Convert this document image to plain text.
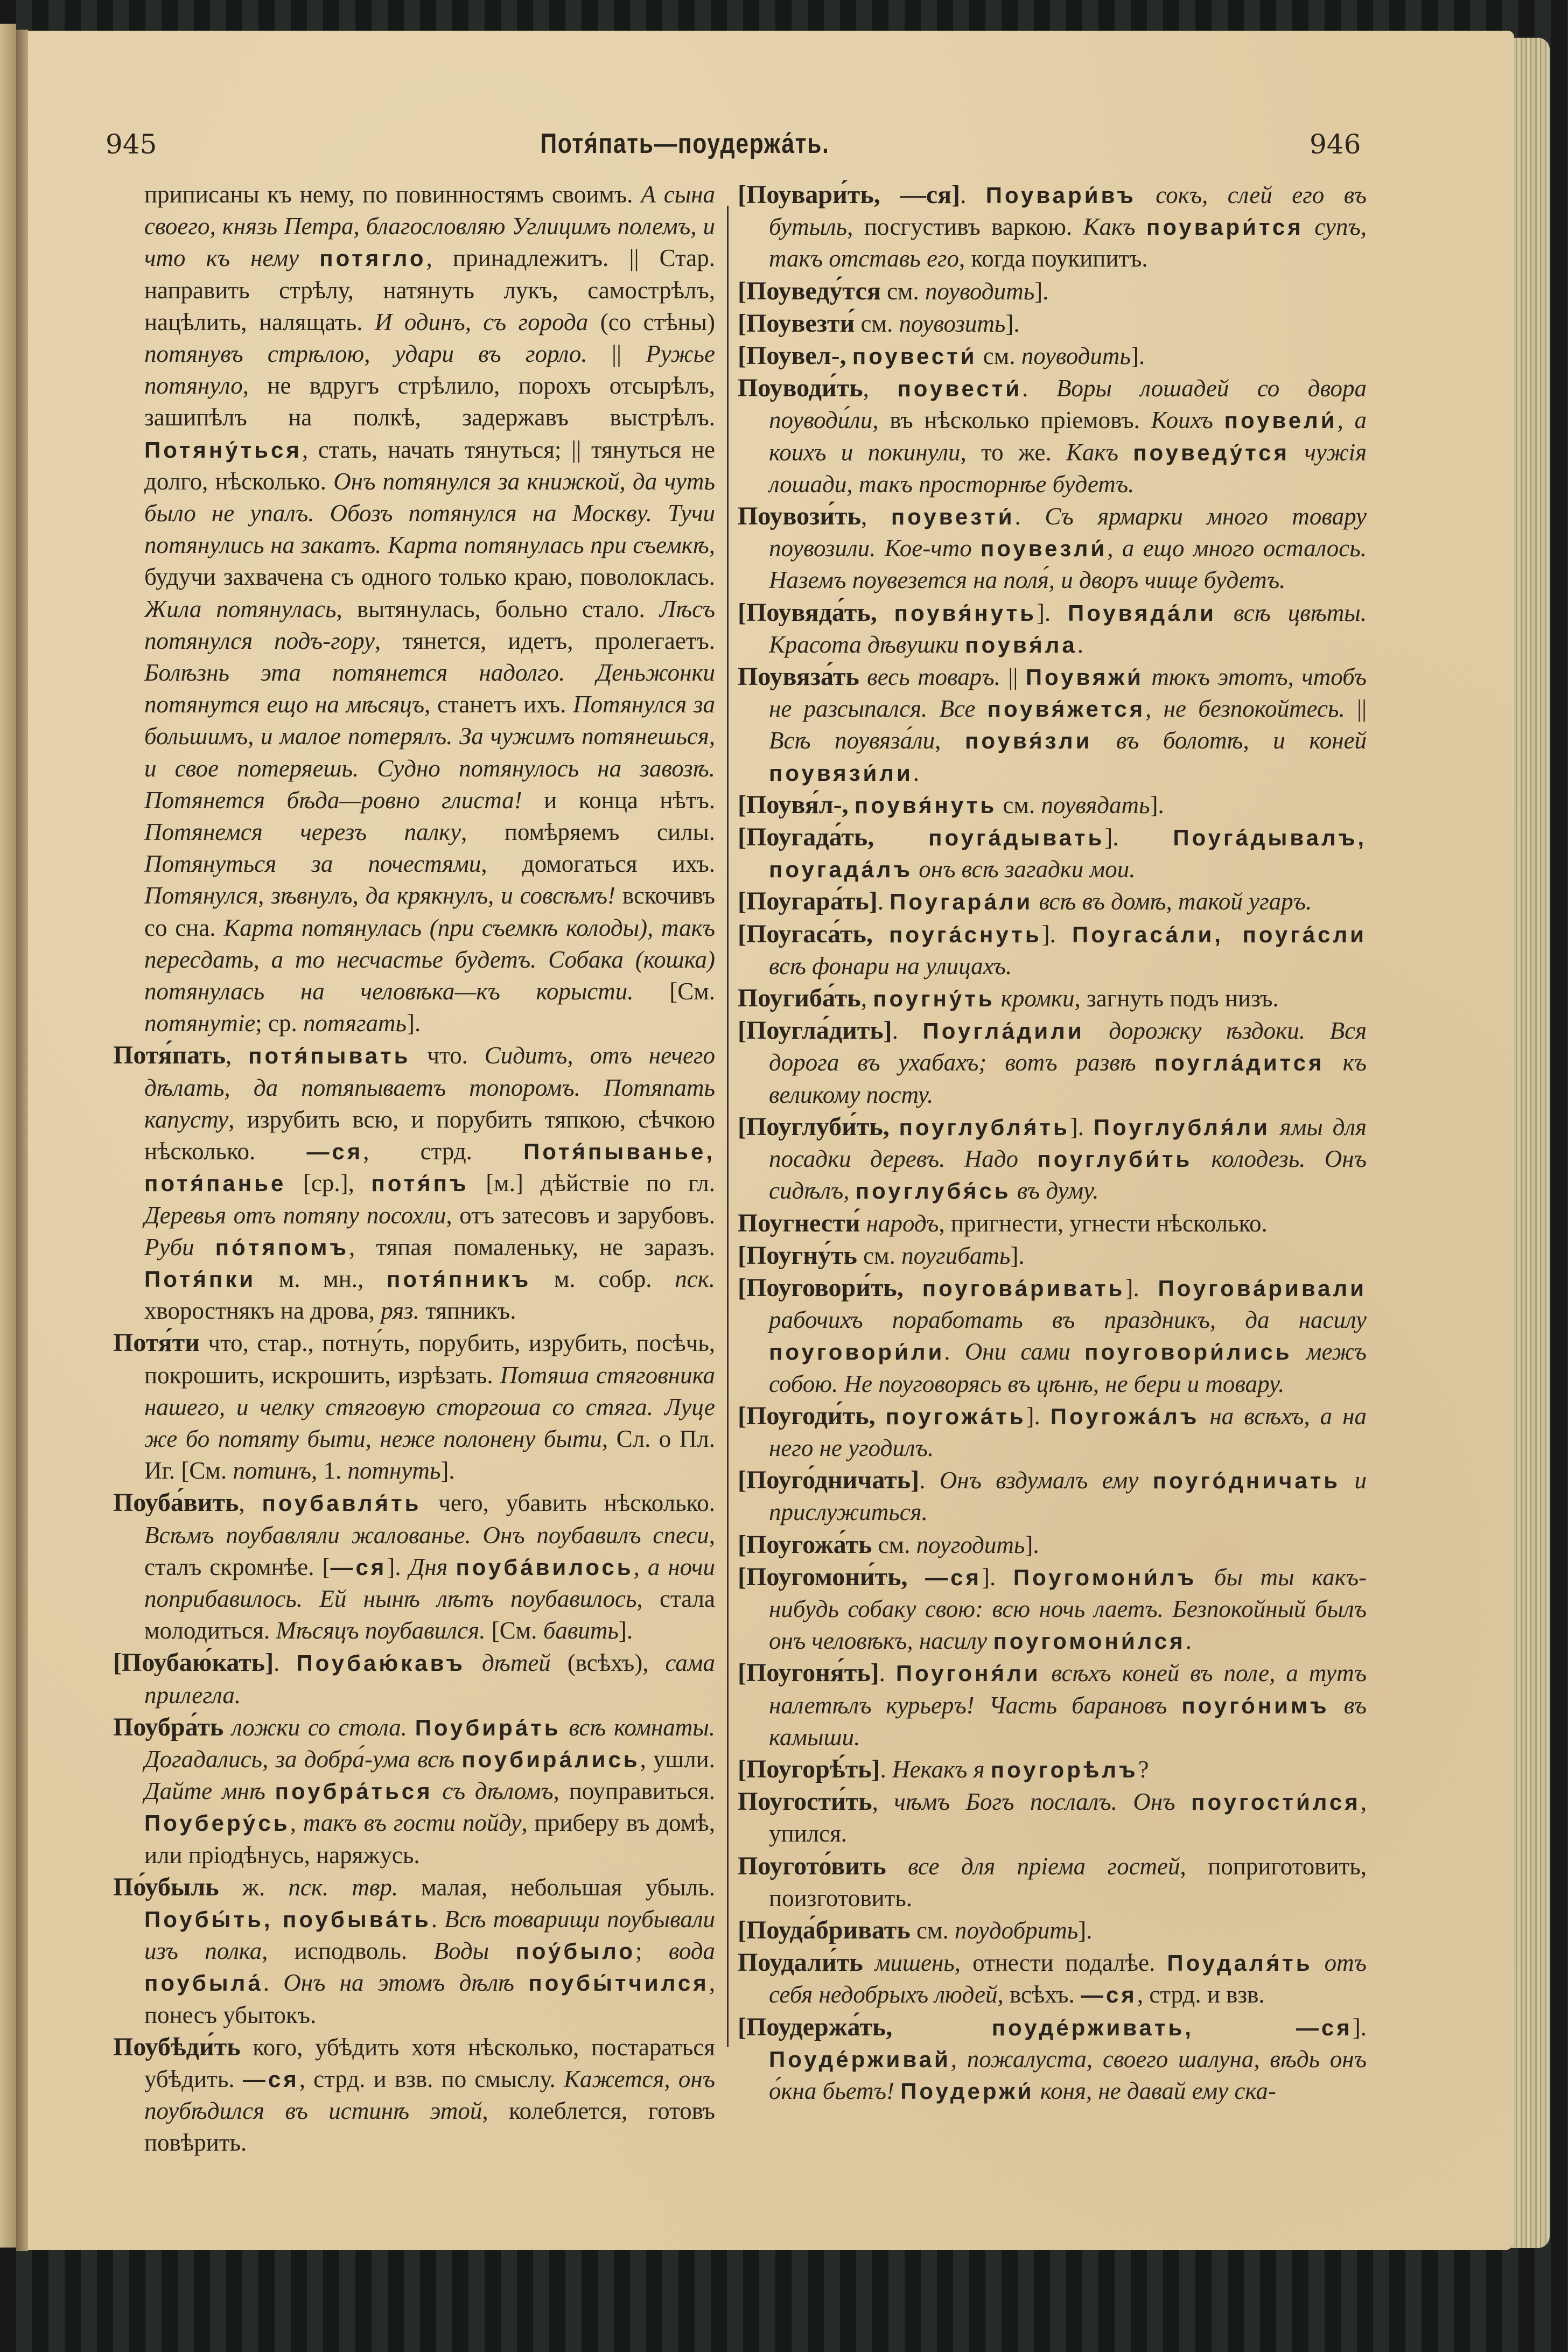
945	Потя́пать—поудержа́ть.	946

приписаны къ нему, по повинностямъ своимъ. А сына своего, князь Петра, благословляю Углицимъ полемъ, и что къ нему потягло, принадлежитъ. || Стар. направить стрѣлу, натянуть лукъ, самострѣлъ, нацѣлить, налящать. И одинъ, съ города (со стѣны) потянувъ стрѣлою, удари въ горло. || Ружье потянуло, не вдругъ стрѣлило, порохъ отсырѣлъ, зашипѣлъ на полкѣ, задержавъ выстрѣлъ. Потяну́ться, стать, начать тянуться; || тянуться не долго, нѣсколько. Онъ потянулся за книжкой, да чуть было не упалъ. Обозъ потянулся на Москву. Тучи потянулись на закатъ. Карта потянулась при съемкѣ, будучи захвачена съ одного только краю, поволоклась. Жила потянулась, вытянулась, больно стало. Лѣсъ потянулся подъ-гору, тянется, идетъ, пролегаетъ. Болѣзнь эта потянется надолго. Деньжонки потянутся ещо на мѣсяцъ, станетъ ихъ. Потянулся за большимъ, и малое потерялъ. За чужимъ потянешься, и свое потеряешь. Судно потянулось на завозѣ. Потянется бѣда—ровно глиста! и конца нѣтъ. Потянемся черезъ палку, помѣряемъ силы. Потянуться за почестями, домогаться ихъ. Потянулся, зѣвнулъ, да крякнулъ, и совсѣмъ! вскочивъ со сна. Карта потянулась (при съемкѣ колоды), такъ пересдать, а то несчастье будетъ. Собака (кошка) потянулась на человѣка—къ корысти. [См. потянутіе; ср. потягать].

Потя́пать, потя́пывать что. Сидитъ, отъ нечего дѣлать, да потяпываетъ топоромъ. Потяпать капусту, изрубить всю, и порубить тяпкою, сѣчкою нѣсколько. —ся, стрд. Потя́пыванье, потя́панье [ср.], потя́пъ [м.] дѣйствіе по гл. Деревья отъ потяпу посохли, отъ затесовъ и зарубовъ. Руби по́тяпомъ, тяпая помаленьку, не заразъ. Потя́пки м. мн., потя́пникъ м. собр. пск. хворостнякъ на дрова, ряз. тяпникъ.

Потя́ти что, стар., потну́ть, порубить, изрубить, посѣчь, покрошить, искрошить, изрѣзать. Потяша стяговника нашего, и челку стяговую сторгоша со стяга. Луце же бо потяту быти, неже полонену быти, Сл. о Пл. Иг. [См. потинъ, 1. потнуть].

Поуба́вить, поубавля́ть чего, убавить нѣсколько. Всѣмъ поубавляли жалованье. Онъ поубавилъ спеси, сталъ скромнѣе. [—ся]. Дня поуба́вилось, а ночи поприбавилось. Ей нынѣ лѣтъ поубавилось, стала молодиться. Мѣсяцъ поубавился. [См. бавить].

[Поубаю́кать]. Поубаю́кавъ дѣтей (всѣхъ), сама прилегла.

Поубра́ть ложки со стола. Поубира́ть всѣ комнаты. Догадались, за добра́-ума всѣ поубира́лись, ушли. Дайте мнѣ поубра́ться съ дѣломъ, поуправиться. Поуберу́сь, такъ въ гости пойду, приберу въ домѣ, или пріодѣнусь, наряжусь.

По́убыль ж. пск. твр. малая, небольшая убыль. Поубы́ть, поубыва́ть. Всѣ товарищи поубывали изъ полка, исподволь. Воды поу́было; вода поубыла́. Онъ на этомъ дѣлѣ поубы́тчился, понесъ убытокъ.

Поубѣди́ть кого, убѣдить хотя нѣсколько, постараться убѣдить. —ся, стрд. и взв. по смыслу. Кажется, онъ поубѣдился въ истинѣ этой, колеблется, готовъ повѣрить.

[Поувари́ть, —ся]. Поувари́въ сокъ, слей его въ бутыль, посгустивъ варкою. Какъ поувари́тся супъ, такъ отставь его, когда поукипитъ.

[Поуведу́тся см. поуводить].

[Поувезти́ см. поувозить].

[Поувел-, поувести́ см. поуводить].

Поуводи́ть, поувести́. Воры лошадей со двора поуводи́ли, въ нѣсколько пріемовъ. Коихъ поувели́, а коихъ и покинули, то же. Какъ поуведу́тся чужія лошади, такъ просторнѣе будетъ.

Поувози́ть, поувезти́. Съ ярмарки много товару поувозили. Кое-что поувезли́, а ещо много осталось. Наземъ поувезется на поля́, и дворъ чище будетъ.

[Поувяда́ть, поувя́нуть]. Поувяда́ли всѣ цвѣты. Красота дѣвушки поувя́ла.

Поувяза́ть весь товаръ. || Поувяжи́ тюкъ этотъ, чтобъ не разсыпался. Все поувя́жется, не безпокойтесь. || Всѣ поувяза́ли, поувя́зли въ болотѣ, и коней поувязи́ли.

[Поувя́л-, поувя́нуть см. поувядать].

[Поугада́ть, поуга́дывать]. Поуга́дывалъ, поугада́лъ онъ всѣ загадки мои.

[Поугара́ть]. Поугара́ли всѣ въ домѣ, такой угаръ.

[Поугаса́ть, поуга́снуть]. Поугаса́ли, поуга́сли всѣ фонари на улицахъ.

Поугиба́ть, поугну́ть кромки, загнуть подъ низъ.

[Поугла́дить]. Поугла́дили дорожку ѣздоки. Вся дорога въ ухабахъ; вотъ развѣ поугла́дится къ великому посту.

[Поуглуби́ть, поуглубля́ть]. Поуглубля́ли ямы для посадки деревъ. Надо поуглуби́ть колодезь. Онъ сидѣлъ, поуглубя́сь въ думу.

Поугнести́ народъ, пригнести, угнести нѣсколько.

[Поугну́ть см. поугибать].

[Поуговори́ть, поугова́ривать]. Поугова́ривали рабочихъ поработать въ праздникъ, да насилу поуговори́ли. Они сами поуговори́лись межъ собою. Не поуговорясь въ цѣнѣ, не бери и товару.

[Поугоди́ть, поугожа́ть]. Поугожа́лъ на всѣхъ, а на него не угодилъ.

[Поуго́дничать]. Онъ вздумалъ ему поуго́дничать и прислужиться.

[Поугожа́ть см. поугодить].

[Поугомони́ть, —ся]. Поугомони́лъ бы ты какъ-нибудь собаку свою: всю ночь лаетъ. Безпокойный былъ онъ человѣкъ, насилу поугомони́лся.

[Поугоня́ть]. Поугоня́ли всѣхъ коней въ поле, а тутъ налетѣлъ курьеръ! Часть барановъ поуго́нимъ въ камыши.

[Поугорѣ́ть]. Некакъ я поугорѣлъ?

Поугости́ть, чѣмъ Богъ послалъ. Онъ поугости́лся, упился.

Поугото́вить все для пріема гостей, поприготовить, поизготовить.

[Поуда́бривать см. поудобрить].

Поудали́ть мишень, отнести подалѣе. Поудаля́ть отъ себя недобрыхъ людей, всѣхъ. —ся, стрд. и взв.

[Поудержа́ть,	поуде́рживать, —ся]. Поуде́рживай, пожалуста, своего шалуна, вѣдь онъ о́кна бьетъ! Поудержи́ коня, не давай ему ска-
